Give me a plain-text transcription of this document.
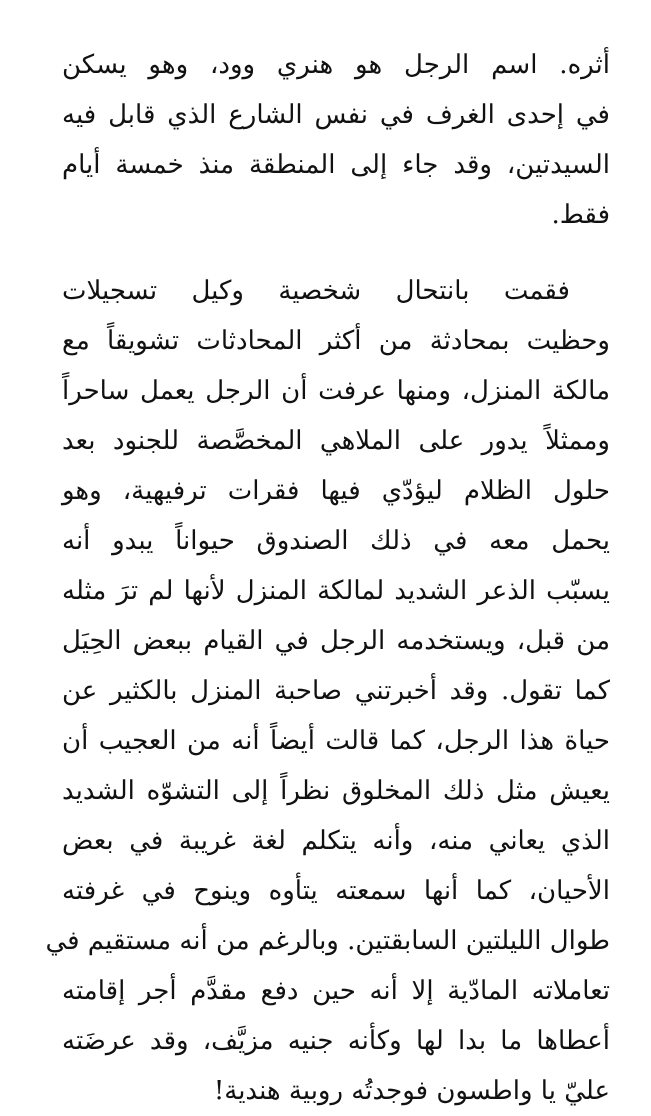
أثره. اسم الرجل هو هنري وود، وهو يسكن
في إحدى الغرف في نفس الشارع الذي قابل فيه
السيدتين، وقد جاء إلى المنطقة منذ خمسة أيام
فقط.
فقمت بانتحال شخصية وكيل تسجيلات
وحظيت بمحادثة من أكثر المحادثات تشويقاً مع
مالكة المنزل، ومنها عرفت أن الرجل يعمل ساحراً
وممثلاً يدور على الملاهي المخصَّصة للجنود بعد
حلول الظلام ليؤدّي فيها فقرات ترفيهية، وهو
يحمل معه في ذلك الصندوق حيواناً يبدو أنه
يسبّب الذعر الشديد لمالكة المنزل لأنها لم ترَ مثله
من قبل، ويستخدمه الرجل في القيام ببعض الحِيَل
كما تقول. وقد أخبرتني صاحبة المنزل بالكثير عن
حياة هذا الرجل، كما قالت أيضاً أنه من العجيب أن
يعيش مثل ذلك المخلوق نظراً إلى التشوّه الشديد
الذي يعاني منه، وأنه يتكلم لغة غريبة في بعض
الأحيان، كما أنها سمعته يتأوه وينوح في غرفته
طوال الليلتين السابقتين. وبالرغم من أنه مستقيم في
تعاملاته المادّية إلا أنه حين دفع مقدَّم أجر إقامته
أعطاها ما بدا لها وكأنه جنيه مزيَّف، وقد عرضَته
عليّ يا واطسون فوجدتُه روبية هندية!
